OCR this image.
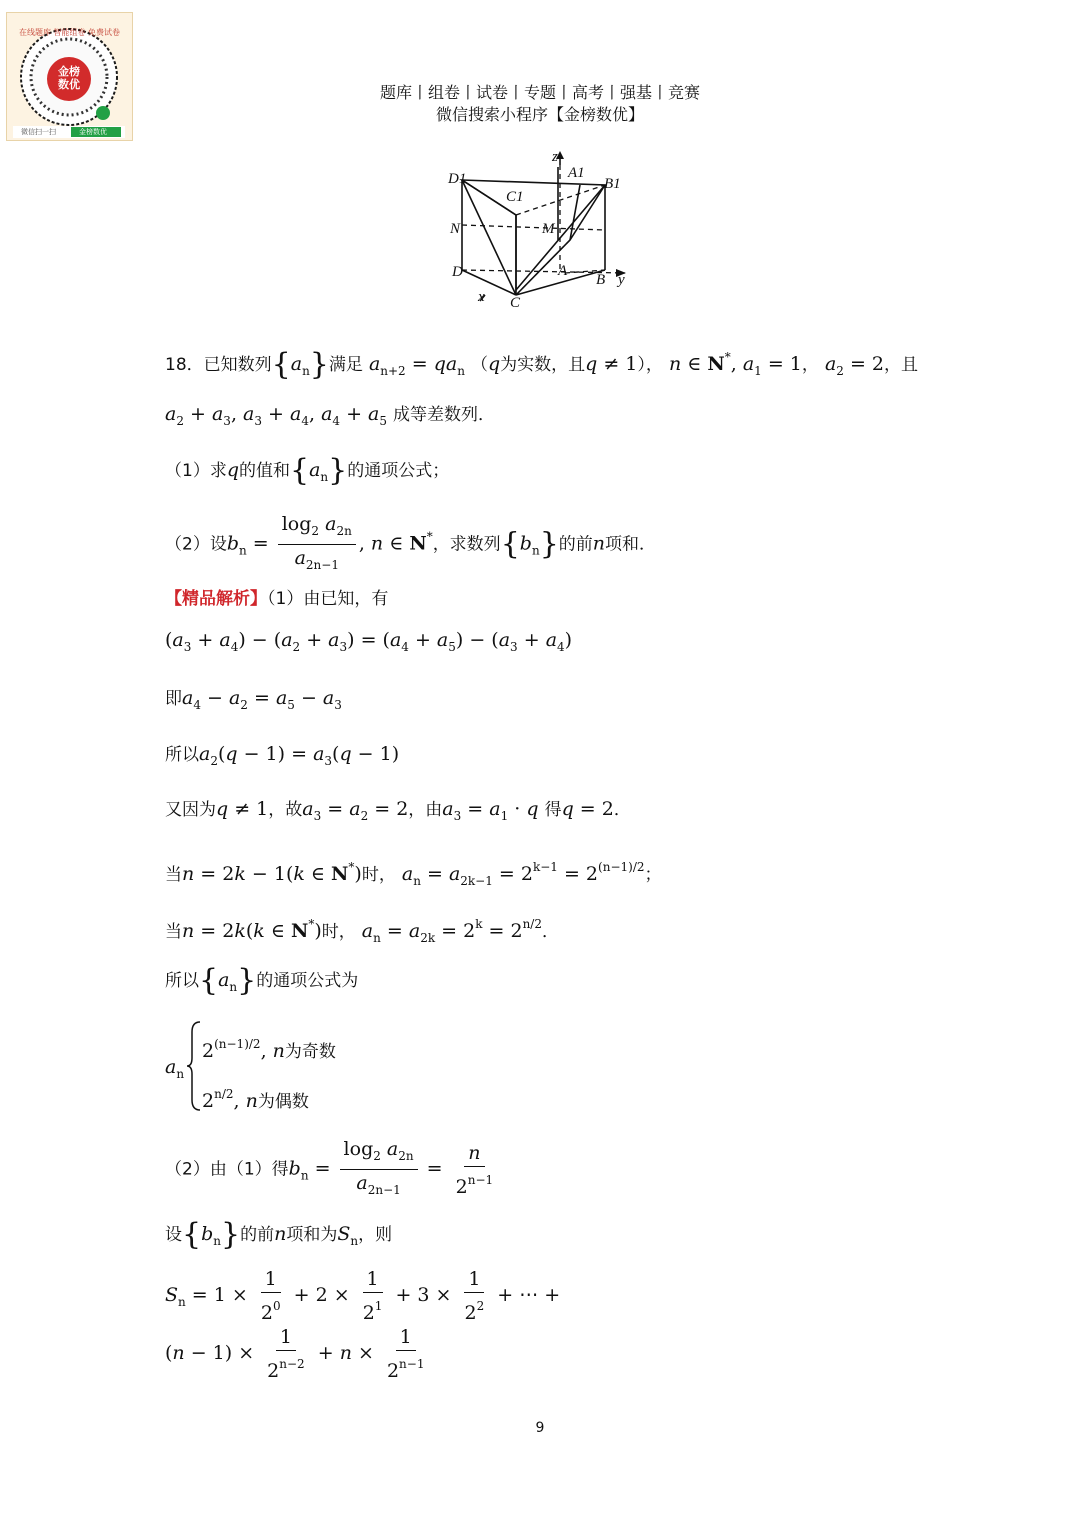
在线题库 智能组卷 免费试卷
金榜数优
微信扫一扫	金榜数优
题库丨组卷丨试卷丨专题丨高考丨强基丨竞赛
微信搜索小程序【金榜数优】
z
A1
D1
C1
B1
N	M
D	A
B y
x C
18．已知数列$\{a_n\}$满足 $a_{n+2} = qa_n$ （q为实数，且q ≠ 1）， n ∈ N*, $a_1 = 1$， $a_2 = 2$，且
$a_2 + a_3$, $a_3 + a_4$, $a_4 + a_5$ 成等差数列．
（1）求q的值和$\{a_n\}$的通项公式；
（2）设$b_n = \frac{\log_2 a_{2n}}{a_{2n-1}}$ , n ∈ N*，求数列$\{b_n\}$的前n项和．
【精品解析】（1）由已知，有
$(a_3 + a_4) - (a_2 + a_3) = (a_4 + a_5) - (a_3 + a_4)$
即$a_4 - a_2 = a_5 - a_3$
所以$a_2(q - 1) = a_3(q - 1)$
又因为q ≠ 1，故$a_3 = a_2 = 2$，由$a_3 = a_1 \cdot q$ 得q = 2．
当n = 2k − 1(k ∈ N*)时， $a_n = a_{2k-1} = 2^{k-1} = 2^{(n-1)/2}$；
当n = 2k(k ∈ N*)时， $a_n = a_{2k} = 2^k = 2^{n/2}$．
所以$\{a_n\}$的通项公式为
$a_n$
$2^{(n-1)/2}$, n为奇数
$2^{n/2}$, n为偶数
（2）由（1）得$b_n = \frac{\log_2 a_{2n}}{a_{2n-1}} = \frac{n}{2^{n-1}}$
设$\{b_n\}$的前n项和为$S_n$，则
$S_n = 1 \times \frac{1}{2^0} + 2 \times \frac{1}{2^1} + 3 \times \frac{1}{2^2}$ + ⋯ +
$(n - 1) \times \frac{1}{2^{n-2}} + n \times \frac{1}{2^{n-1}}$
9
